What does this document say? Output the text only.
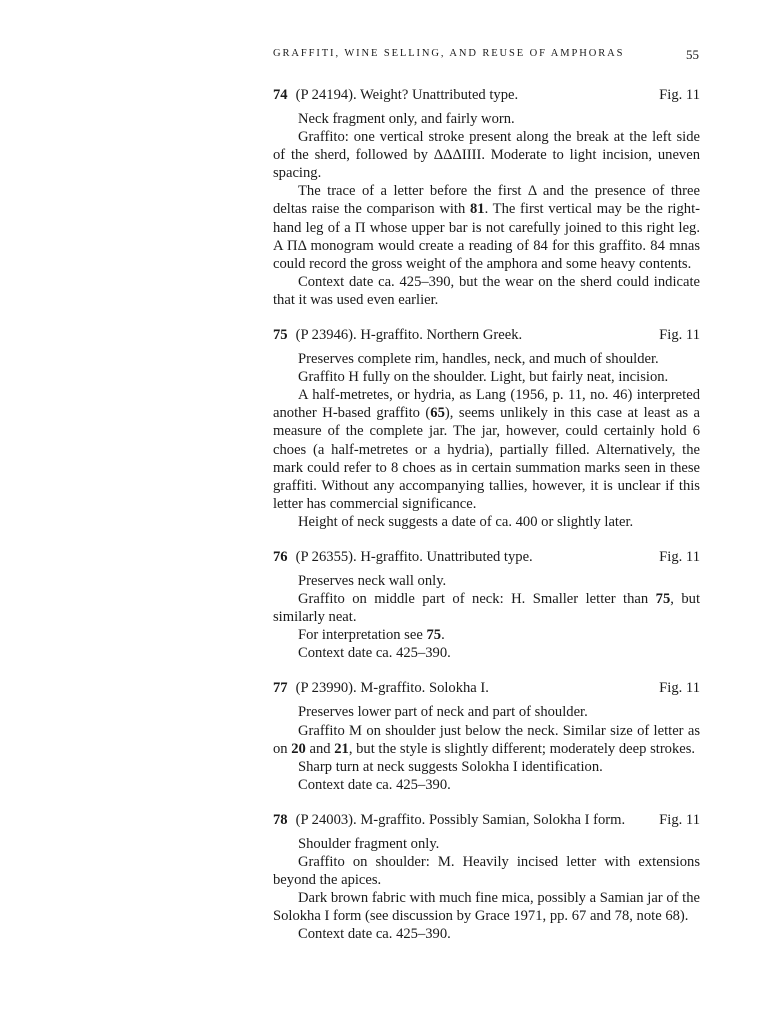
GRAFFITI, WINE SELLING, AND REUSE OF AMPHORAS	55
74 (P 24194). Weight? Unattributed type.	Fig. 11

Neck fragment only, and fairly worn.

Graffito: one vertical stroke present along the break at the left side of the sherd, followed by ΔΔΔIIII. Moderate to light incision, uneven spacing.

The trace of a letter before the first Δ and the presence of three deltas raise the comparison with 81. The first vertical may be the right-hand leg of a Π whose upper bar is not carefully joined to this right leg. A ΠΔ monogram would create a reading of 84 for this graffito. 84 mnas could record the gross weight of the amphora and some heavy contents.

Context date ca. 425–390, but the wear on the sherd could indicate that it was used even earlier.

75 (P 23946). H-graffito. Northern Greek.	Fig. 11

Preserves complete rim, handles, neck, and much of shoulder.

Graffito H fully on the shoulder. Light, but fairly neat, incision.

A half-metretes, or hydria, as Lang (1956, p. 11, no. 46) interpreted another H-based graffito (65), seems unlikely in this case at least as a measure of the complete jar. The jar, however, could certainly hold 6 choes (a half-metretes or a hydria), partially filled. Alternatively, the mark could refer to 8 choes as in certain summation marks seen in these graffiti. Without any accompanying tallies, however, it is unclear if this letter has commercial significance.

Height of neck suggests a date of ca. 400 or slightly later.

76 (P 26355). H-graffito. Unattributed type.	Fig. 11

Preserves neck wall only.

Graffito on middle part of neck: H. Smaller letter than 75, but similarly neat.

For interpretation see 75.

Context date ca. 425–390.

77 (P 23990). M-graffito. Solokha I.	Fig. 11

Preserves lower part of neck and part of shoulder.

Graffito M on shoulder just below the neck. Similar size of letter as on 20 and 21, but the style is slightly different; moderately deep strokes.

Sharp turn at neck suggests Solokha I identification.

Context date ca. 425–390.

78 (P 24003). M-graffito. Possibly Samian, Solokha I form. Fig. 11

Shoulder fragment only.

Graffito on shoulder: M. Heavily incised letter with extensions beyond the apices.

Dark brown fabric with much fine mica, possibly a Samian jar of the Solokha I form (see discussion by Grace 1971, pp. 67 and 78, note 68).

Context date ca. 425–390.
